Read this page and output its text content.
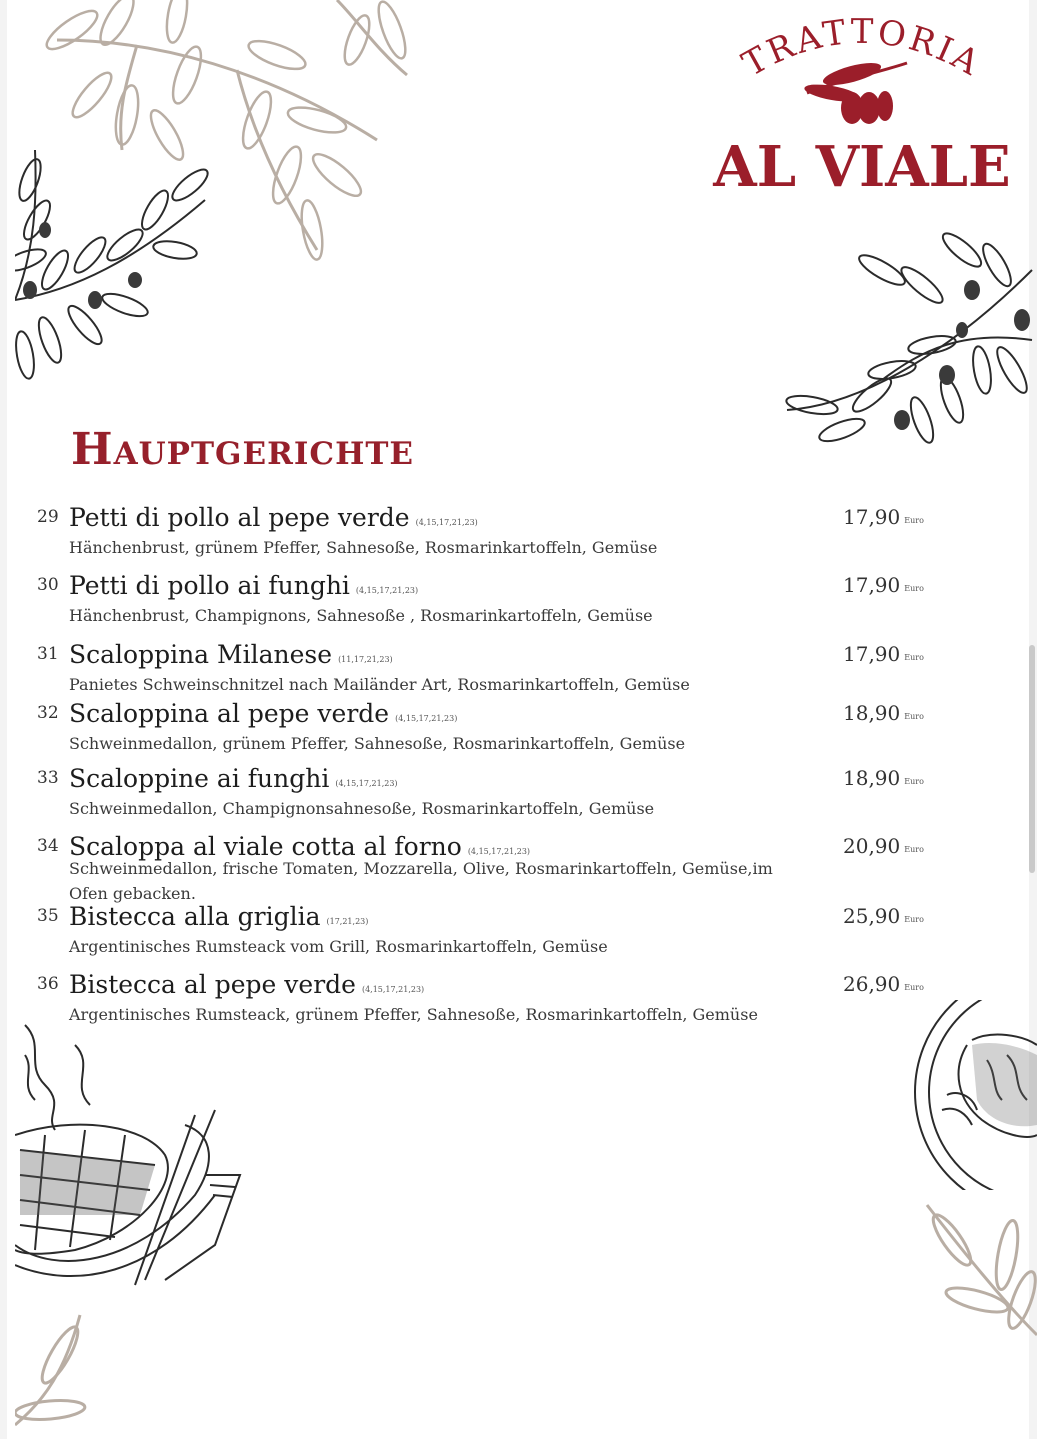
TRATTORIA
AL VIALE
Hauptgerichte
29 Petti di pollo al pepe verde (4,15,17,21,23)
Hänchenbrust, grünem Pfeffer, Sahnesoße, Rosmarinkartoffeln, Gemüse
17,90 Euro
30 Petti di pollo ai funghi (4,15,17,21,23)
Hänchenbrust, Champignons, Sahnesoße , Rosmarinkartoffeln, Gemüse
17,90 Euro
31 Scaloppina Milanese (11,17,21,23)
Panietes Schweinschnitzel nach Mailänder Art, Rosmarinkartoffeln, Gemüse
17,90 Euro
32 Scaloppina al pepe verde (4,15,17,21,23)
Schweinmedallon, grünem Pfeffer, Sahnesoße, Rosmarinkartoffeln, Gemüse
18,90 Euro
33 Scaloppine ai funghi (4,15,17,21,23)
Schweinmedallon, Champignonsahnesoße, Rosmarinkartoffeln, Gemüse
18,90 Euro
34 Scaloppa al viale cotta al forno (4,15,17,21,23)
Schweinmedallon, frische Tomaten, Mozzarella, Olive, Rosmarinkartoffeln, Gemüse,im Ofen gebacken.
20,90 Euro
35 Bistecca alla griglia (17,21,23)
Argentinisches Rumsteack vom Grill, Rosmarinkartoffeln, Gemüse
25,90 Euro
36 Bistecca al pepe verde (4,15,17,21,23)
Argentinisches Rumsteack, grünem Pfeffer, Sahnesoße, Rosmarinkartoffeln, Gemüse
26,90 Euro
